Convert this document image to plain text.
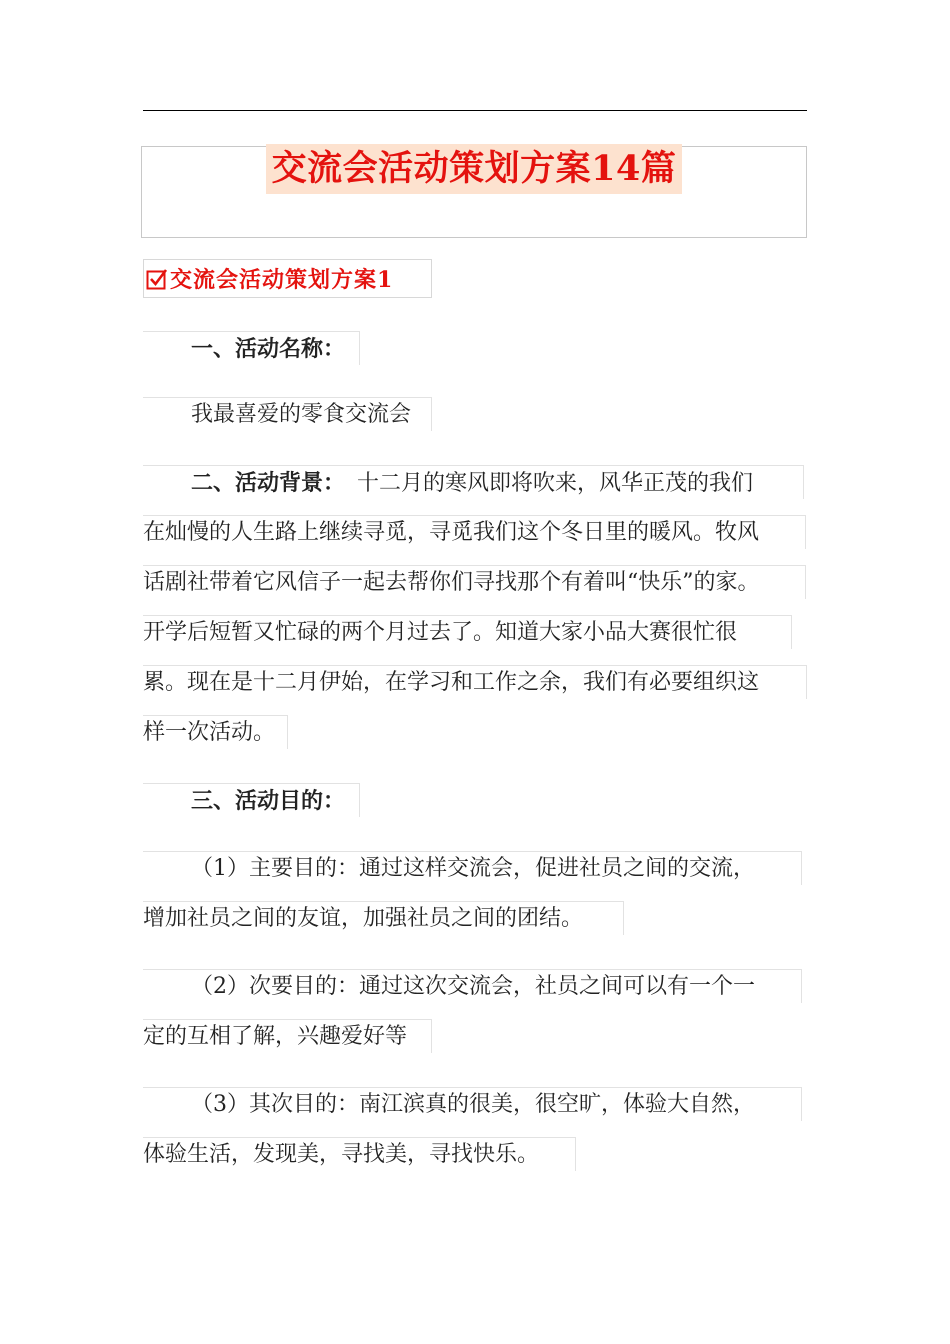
交流会活动策划方案14篇
交流会活动策划方案1
一、活动名称：
我最喜爱的零食交流会
二、活动背景： 十二月的寒风即将吹来，风华正茂的我们
在灿慢的人生路上继续寻觅，寻觅我们这个冬日里的暖风。牧风
话剧社带着它风信子一起去帮你们寻找那个有着叫“快乐”的家。
开学后短暂又忙碌的两个月过去了。知道大家小品大赛很忙很
累。现在是十二月伊始，在学习和工作之余，我们有必要组织这
样一次活动。
三、活动目的：
（1）主要目的：通过这样交流会，促进社员之间的交流，
增加社员之间的友谊，加强社员之间的团结。
（2）次要目的：通过这次交流会，社员之间可以有一个一
定的互相了解，兴趣爱好等
（3）其次目的：南江滨真的很美，很空旷，体验大自然，
体验生活，发现美，寻找美，寻找快乐。
